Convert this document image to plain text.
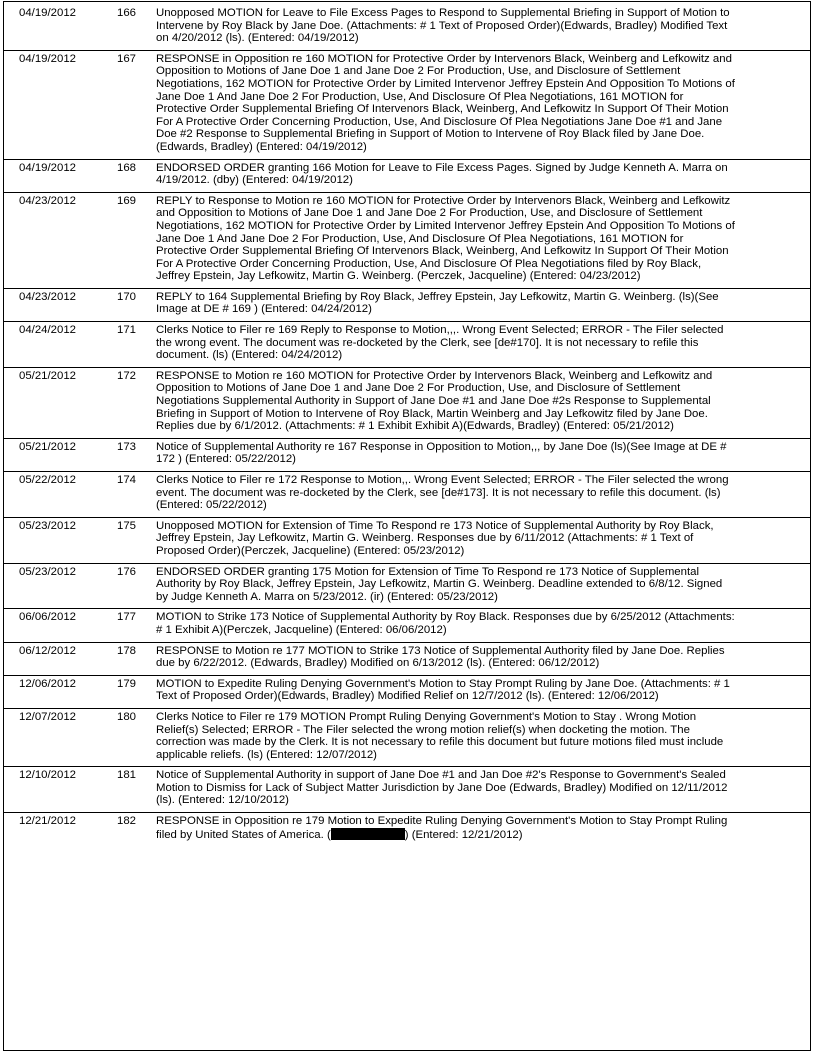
04/19/2012	166	Unopposed MOTION for Leave to File Excess Pages to Respond to Supplemental Briefing in Support of Motion to Intervene by Roy Black by Jane Doe. (Attachments: # 1 Text of Proposed Order)(Edwards, Bradley) Modified Text on 4/20/2012 (ls). (Entered: 04/19/2012)
04/19/2012	167	RESPONSE in Opposition re 160 MOTION for Protective Order by Intervenors Black, Weinberg and Lefkowitz and Opposition to Motions of Jane Doe 1 and Jane Doe 2 For Production, Use, and Disclosure of Settlement Negotiations, 162 MOTION for Protective Order by Limited Intervenor Jeffrey Epstein And Opposition To Motions of Jane Doe 1 And Jane Doe 2 For Production, Use, And Disclosure Of Plea Negotiations, 161 MOTION for Protective Order Supplemental Briefing Of Intervenors Black, Weinberg, And Lefkowitz In Support Of Their Motion For A Protective Order Concerning Production, Use, And Disclosure Of Plea Negotiations Jane Doe #1 and Jane Doe #2 Response to Supplemental Briefing in Support of Motion to Intervene of Roy Black filed by Jane Doe. (Edwards, Bradley) (Entered: 04/19/2012)
04/19/2012	168	ENDORSED ORDER granting 166 Motion for Leave to File Excess Pages. Signed by Judge Kenneth A. Marra on 4/19/2012. (dby) (Entered: 04/19/2012)
04/23/2012	169	REPLY to Response to Motion re 160 MOTION for Protective Order by Intervenors Black, Weinberg and Lefkowitz and Opposition to Motions of Jane Doe 1 and Jane Doe 2 For Production, Use, and Disclosure of Settlement Negotiations, 162 MOTION for Protective Order by Limited Intervenor Jeffrey Epstein And Opposition To Motions of Jane Doe 1 And Jane Doe 2 For Production, Use, And Disclosure Of Plea Negotiations, 161 MOTION for Protective Order Supplemental Briefing Of Intervenors Black, Weinberg, And Lefkowitz In Support Of Their Motion For A Protective Order Concerning Production, Use, And Disclosure Of Plea Negotiations filed by Roy Black, Jeffrey Epstein, Jay Lefkowitz, Martin G. Weinberg. (Perczek, Jacqueline) (Entered: 04/23/2012)
04/23/2012	170	REPLY to 164 Supplemental Briefing by Roy Black, Jeffrey Epstein, Jay Lefkowitz, Martin G. Weinberg. (ls)(See Image at DE # 169 ) (Entered: 04/24/2012)
04/24/2012	171	Clerks Notice to Filer re 169 Reply to Response to Motion,,,. Wrong Event Selected; ERROR - The Filer selected the wrong event. The document was re-docketed by the Clerk, see [de#170]. It is not necessary to refile this document. (ls) (Entered: 04/24/2012)
05/21/2012	172	RESPONSE to Motion re 160 MOTION for Protective Order by Intervenors Black, Weinberg and Lefkowitz and Opposition to Motions of Jane Doe 1 and Jane Doe 2 For Production, Use, and Disclosure of Settlement Negotiations Supplemental Authority in Support of Jane Doe #1 and Jane Doe #2s Response to Supplemental Briefing in Support of Motion to Intervene of Roy Black, Martin Weinberg and Jay Lefkowitz filed by Jane Doe. Replies due by 6/1/2012. (Attachments: # 1 Exhibit Exhibit A)(Edwards, Bradley) (Entered: 05/21/2012)
05/21/2012	173	Notice of Supplemental Authority re 167 Response in Opposition to Motion,,, by Jane Doe (ls)(See Image at DE # 172 ) (Entered: 05/22/2012)
05/22/2012	174	Clerks Notice to Filer re 172 Response to Motion,,. Wrong Event Selected; ERROR - The Filer selected the wrong event. The document was re-docketed by the Clerk, see [de#173]. It is not necessary to refile this document. (ls) (Entered: 05/22/2012)
05/23/2012	175	Unopposed MOTION for Extension of Time To Respond re 173 Notice of Supplemental Authority by Roy Black, Jeffrey Epstein, Jay Lefkowitz, Martin G. Weinberg. Responses due by 6/11/2012 (Attachments: # 1 Text of Proposed Order)(Perczek, Jacqueline) (Entered: 05/23/2012)
05/23/2012	176	ENDORSED ORDER granting 175 Motion for Extension of Time To Respond re 173 Notice of Supplemental Authority by Roy Black, Jeffrey Epstein, Jay Lefkowitz, Martin G. Weinberg. Deadline extended to 6/8/12. Signed by Judge Kenneth A. Marra on 5/23/2012. (ir) (Entered: 05/23/2012)
06/06/2012	177	MOTION to Strike 173 Notice of Supplemental Authority by Roy Black. Responses due by 6/25/2012 (Attachments: # 1 Exhibit A)(Perczek, Jacqueline) (Entered: 06/06/2012)
06/12/2012	178	RESPONSE to Motion re 177 MOTION to Strike 173 Notice of Supplemental Authority filed by Jane Doe. Replies due by 6/22/2012. (Edwards, Bradley) Modified on 6/13/2012 (ls). (Entered: 06/12/2012)
12/06/2012	179	MOTION to Expedite Ruling Denying Government's Motion to Stay Prompt Ruling by Jane Doe. (Attachments: # 1 Text of Proposed Order)(Edwards, Bradley) Modified Relief on 12/7/2012 (ls). (Entered: 12/06/2012)
12/07/2012	180	Clerks Notice to Filer re 179 MOTION Prompt Ruling Denying Government's Motion to Stay . Wrong Motion Relief(s) Selected; ERROR - The Filer selected the wrong motion relief(s) when docketing the motion. The correction was made by the Clerk. It is not necessary to refile this document but future motions filed must include applicable reliefs. (ls) (Entered: 12/07/2012)
12/10/2012	181	Notice of Supplemental Authority in support of Jane Doe #1 and Jan Doe #2's Response to Government's Sealed Motion to Dismiss for Lack of Subject Matter Jurisdiction by Jane Doe (Edwards, Bradley) Modified on 12/11/2012 (ls). (Entered: 12/10/2012)
12/21/2012	182	RESPONSE in Opposition re 179 Motion to Expedite Ruling Denying Government's Motion to Stay Prompt Ruling filed by United States of America. ( ) (Entered: 12/21/2012)
